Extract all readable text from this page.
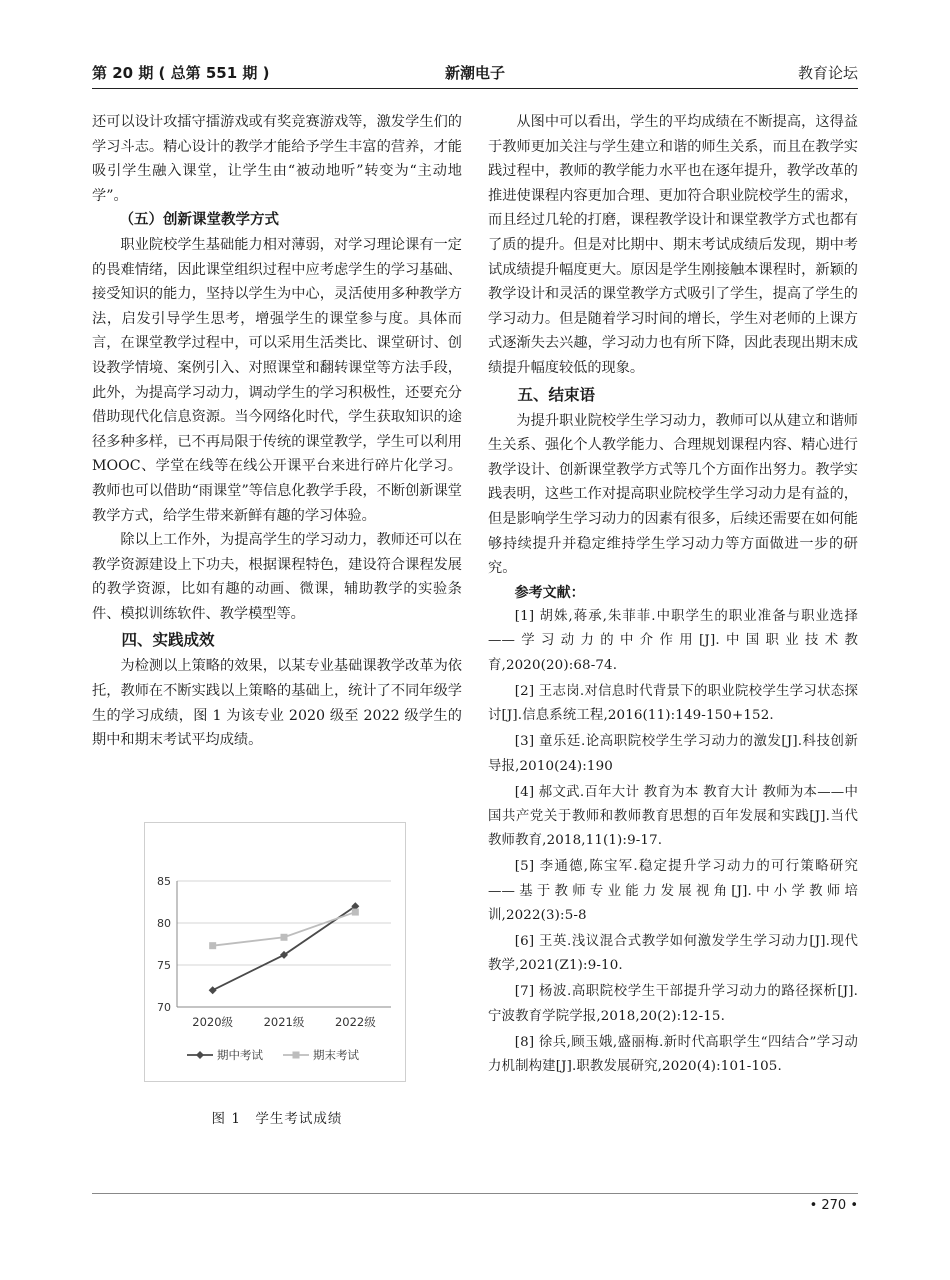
第 20 期 ( 总第 551 期 )	新潮电子	教育论坛

还可以设计攻擂守擂游戏或有奖竞赛游戏等，激发学生们的学习斗志。精心设计的教学才能给予学生丰富的营养，才能吸引学生融入课堂，让学生由“被动地听”转变为“主动地学”。

（五）创新课堂教学方式

职业院校学生基础能力相对薄弱，对学习理论课有一定的畏难情绪，因此课堂组织过程中应考虑学生的学习基础、接受知识的能力，坚持以学生为中心，灵活使用多种教学方法，启发引导学生思考，增强学生的课堂参与度。具体而言，在课堂教学过程中，可以采用生活类比、课堂研讨、创设教学情境、案例引入、对照课堂和翻转课堂等方法手段，此外，为提高学习动力，调动学生的学习积极性，还要充分借助现代化信息资源。当今网络化时代，学生获取知识的途径多种多样，已不再局限于传统的课堂教学，学生可以利用 MOOC、学堂在线等在线公开课平台来进行碎片化学习。教师也可以借助“雨课堂”等信息化教学手段，不断创新课堂教学方式，给学生带来新鲜有趣的学习体验。

除以上工作外，为提高学生的学习动力，教师还可以在教学资源建设上下功夫，根据课程特色，建设符合课程发展的教学资源，比如有趣的动画、微课，辅助教学的实验条件、模拟训练软件、教学模型等。

四、实践成效

为检测以上策略的效果，以某专业基础课教学改革为依托，教师在不断实践以上策略的基础上，统计了不同年级学生的学习成绩，图 1 为该专业 2020 级至 2022 级学生的期中和期末考试平均成绩。

70
75
80
85
2020级	2021级	2022级
期中考试	期末考试
图 1　学生考试成绩

从图中可以看出，学生的平均成绩在不断提高，这得益于教师更加关注与学生建立和谐的师生关系，而且在教学实践过程中，教师的教学能力水平也在逐年提升，教学改革的推进使课程内容更加合理、更加符合职业院校学生的需求，而且经过几轮的打磨，课程教学设计和课堂教学方式也都有了质的提升。但是对比期中、期末考试成绩后发现，期中考试成绩提升幅度更大。原因是学生刚接触本课程时，新颖的教学设计和灵活的课堂教学方式吸引了学生，提高了学生的学习动力。但是随着学习时间的增长，学生对老师的上课方式逐渐失去兴趣，学习动力也有所下降，因此表现出期末成绩提升幅度较低的现象。

五、结束语

为提升职业院校学生学习动力，教师可以从建立和谐师生关系、强化个人教学能力、合理规划课程内容、精心进行教学设计、创新课堂教学方式等几个方面作出努力。教学实践表明，这些工作对提高职业院校学生学习动力是有益的，但是影响学生学习动力的因素有很多，后续还需要在如何能够持续提升并稳定维持学生学习动力等方面做进一步的研究。

参考文献：

[1] 胡姝,蒋承,朱菲菲.中职学生的职业准备与职业选择——学习动力的中介作用[J].中国职业技术教育,2020(20):68-74.

[2] 王志岗.对信息时代背景下的职业院校学生学习状态探讨[J].信息系统工程,2016(11):149-150+152.

[3] 童乐廷.论高职院校学生学习动力的激发[J].科技创新导报,2010(24):190

[4] 郝文武.百年大计 教育为本 教育大计 教师为本——中国共产党关于教师和教师教育思想的百年发展和实践[J].当代教师教育,2018,11(1):9-17.

[5] 李通德,陈宝军.稳定提升学习动力的可行策略研究——基于教师专业能力发展视角[J].中小学教师培训,2022(3):5-8

[6] 王英.浅议混合式教学如何激发学生学习动力[J].现代教学,2021(Z1):9-10.

[7] 杨波.高职院校学生干部提升学习动力的路径探析[J].宁波教育学院学报,2018,20(2):12-15.

[8] 徐兵,顾玉娥,盛丽梅.新时代高职学生“四结合”学习动力机制构建[J].职教发展研究,2020(4):101-105.

• 270 •
